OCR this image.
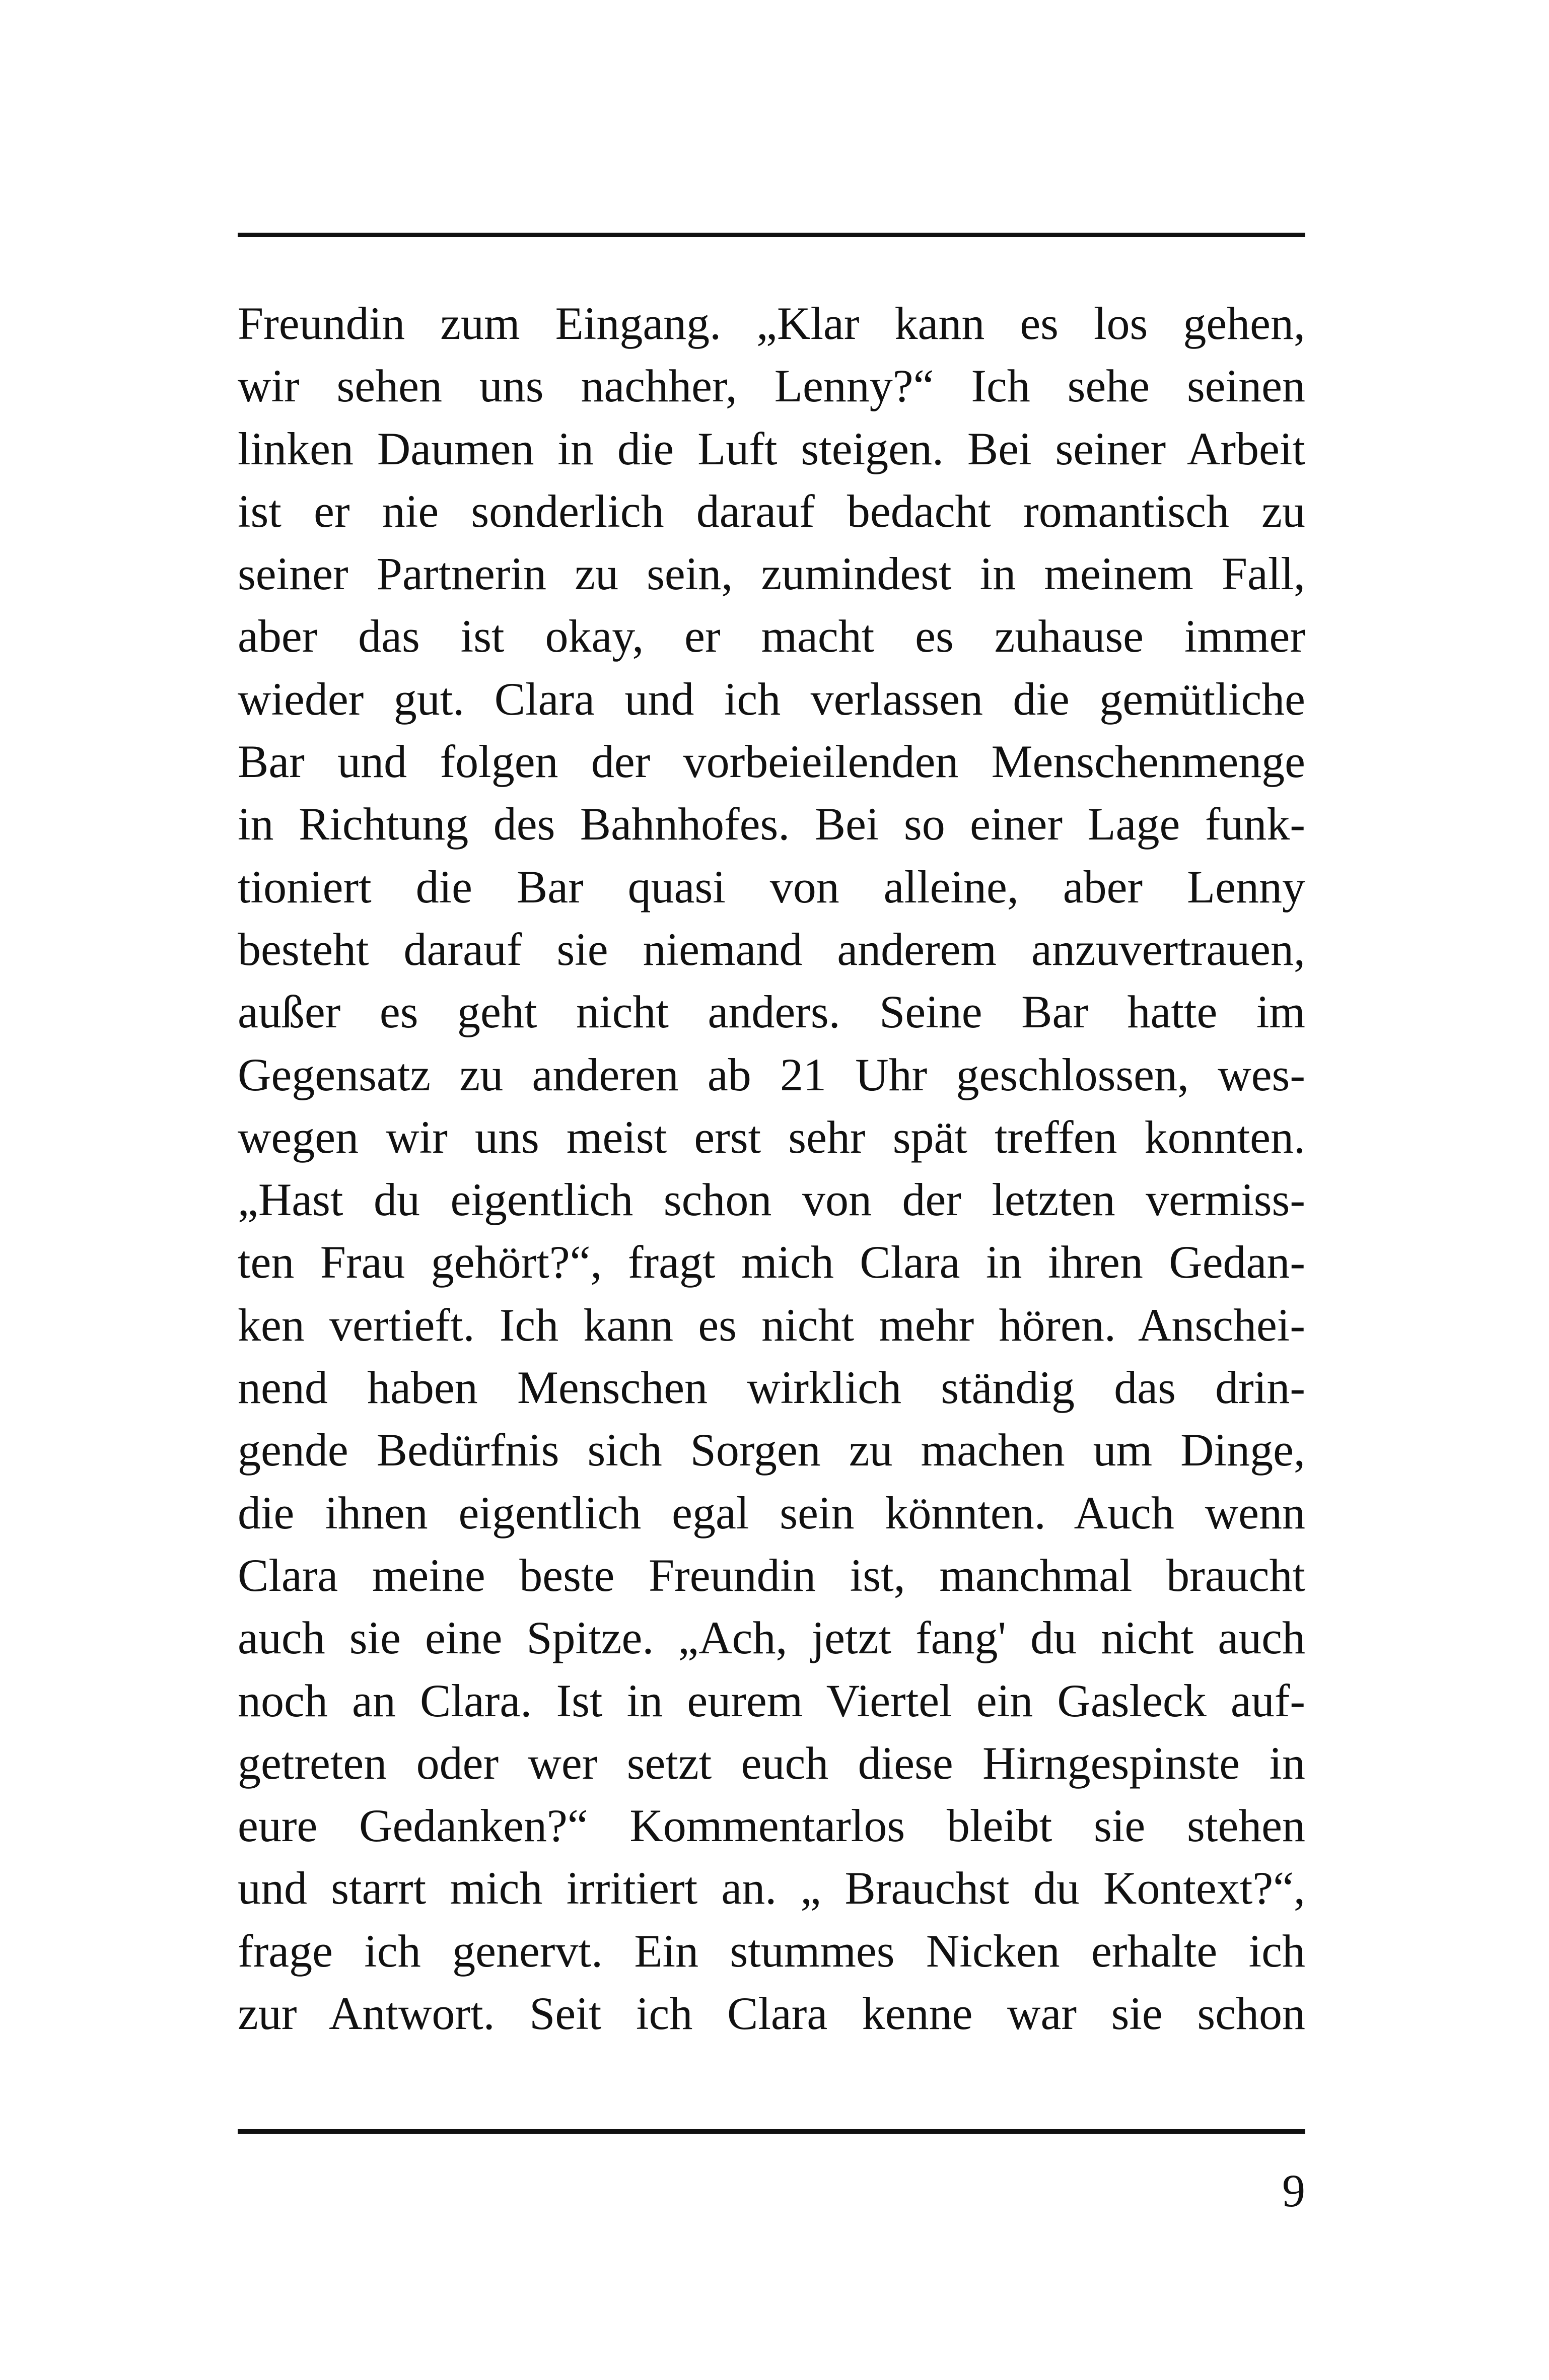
Freundin zum Eingang. „Klar kann es los gehen,
wir sehen uns nachher, Lenny?“ Ich sehe seinen
linken Daumen in die Luft steigen. Bei seiner Arbeit
ist er nie sonderlich darauf bedacht romantisch zu
seiner Partnerin zu sein, zumindest in meinem Fall,
aber das ist okay, er macht es zuhause immer
wieder gut. Clara und ich verlassen die gemütliche
Bar und folgen der vorbeieilenden Menschenmenge
in Richtung des Bahnhofes. Bei so einer Lage funk-
tioniert die Bar quasi von alleine, aber Lenny
besteht darauf sie niemand anderem anzuvertrauen,
außer es geht nicht anders. Seine Bar hatte im
Gegensatz zu anderen ab 21 Uhr geschlossen, wes-
wegen wir uns meist erst sehr spät treffen konnten.
„Hast du eigentlich schon von der letzten vermiss-
ten Frau gehört?“, fragt mich Clara in ihren Gedan-
ken vertieft. Ich kann es nicht mehr hören. Anschei-
nend haben Menschen wirklich ständig das drin-
gende Bedürfnis sich Sorgen zu machen um Dinge,
die ihnen eigentlich egal sein könnten. Auch wenn
Clara meine beste Freundin ist, manchmal braucht
auch sie eine Spitze. „Ach, jetzt fang' du nicht auch
noch an Clara. Ist in eurem Viertel ein Gasleck auf-
getreten oder wer setzt euch diese Hirngespinste in
eure Gedanken?“ Kommentarlos bleibt sie stehen
und starrt mich irritiert an. „ Brauchst du Kontext?“,
frage ich genervt. Ein stummes Nicken erhalte ich
zur Antwort. Seit ich Clara kenne war sie schon
9
